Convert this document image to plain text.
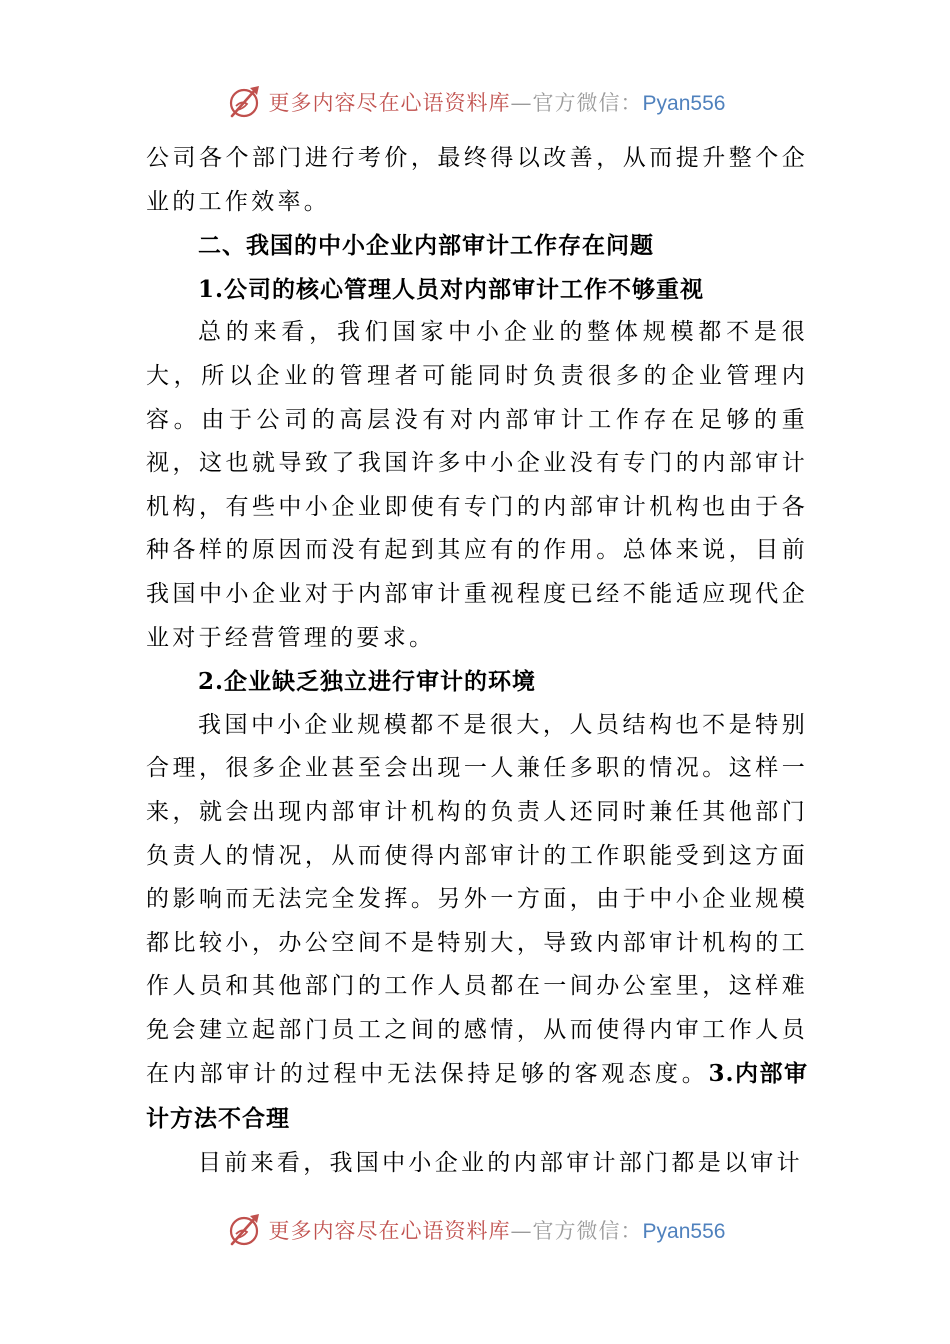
更多内容尽在心语资料库—官方微信：Pyan556

公司各个部门进行考价，最终得以改善，从而提升整个企业的工作效率。

二、我国的中小企业内部审计工作存在问题

1.公司的核心管理人员对内部审计工作不够重视

总的来看，我们国家中小企业的整体规模都不是很大，所以企业的管理者可能同时负责很多的企业管理内容。由于公司的高层没有对内部审计工作存在足够的重视，这也就导致了我国许多中小企业没有专门的内部审计机构，有些中小企业即使有专门的内部审计机构也由于各种各样的原因而没有起到其应有的作用。总体来说，目前我国中小企业对于内部审计重视程度已经不能适应现代企业对于经营管理的要求。

2.企业缺乏独立进行审计的环境

我国中小企业规模都不是很大，人员结构也不是特别合理，很多企业甚至会出现一人兼任多职的情况。这样一来，就会出现内部审计机构的负责人还同时兼任其他部门负责人的情况，从而使得内部审计的工作职能受到这方面的影响而无法完全发挥。另外一方面，由于中小企业规模都比较小，办公空间不是特别大，导致内部审计机构的工作人员和其他部门的工作人员都在一间办公室里，这样难免会建立起部门员工之间的感情，从而使得内审工作人员在内部审计的过程中无法保持足够的客观态度。3.内部审计方法不合理

目前来看，我国中小企业的内部审计部门都是以审计

更多内容尽在心语资料库—官方微信：Pyan556
